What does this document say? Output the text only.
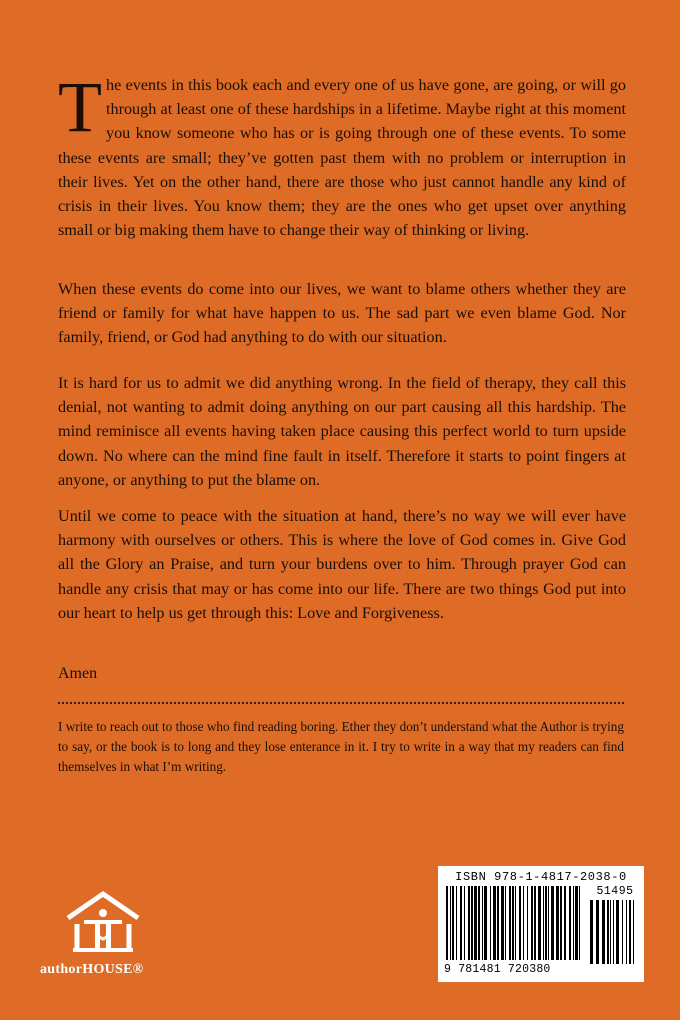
T he events in this book each and every one of us have gone, are going, or will go through at least one of these hardships in a lifetime. Maybe right at this moment you know someone who has or is going through one of these events. To some these events are small; they’ve gotten past them with no problem or interruption in their lives. Yet on the other hand, there are those who just cannot handle any kind of crisis in their lives. You know them; they are the ones who get upset over anything small or big making them have to change their way of thinking or living.

When these events do come into our lives, we want to blame others whether they are friend or family for what have happen to us. The sad part we even blame God. Nor family, friend, or God had anything to do with our situation.

It is hard for us to admit we did anything wrong. In the field of therapy, they call this denial, not wanting to admit doing anything on our part causing all this hardship. The mind reminisce all events having taken place causing this perfect world to turn upside down. No where can the mind fine fault in itself. Therefore it starts to point fingers at anyone, or anything to put the blame on.

Until we come to peace with the situation at hand, there’s no way we will ever have harmony with ourselves or others. This is where the love of God comes in. Give God all the Glory an Praise, and turn your burdens over to him. Through prayer God can handle any crisis that may or has come into our life. There are two things God put into our heart to help us get through this: Love and Forgiveness.

Amen
I write to reach out to those who find reading boring. Ether they don’t understand what the Author is trying to say, or the book is to long and they lose enterance in it. I try to write in a way that my readers can find themselves in what I’m writing.
ISBN 978-1-4817-2038-0
9 781481 720380
51495
authorHOUSE®
